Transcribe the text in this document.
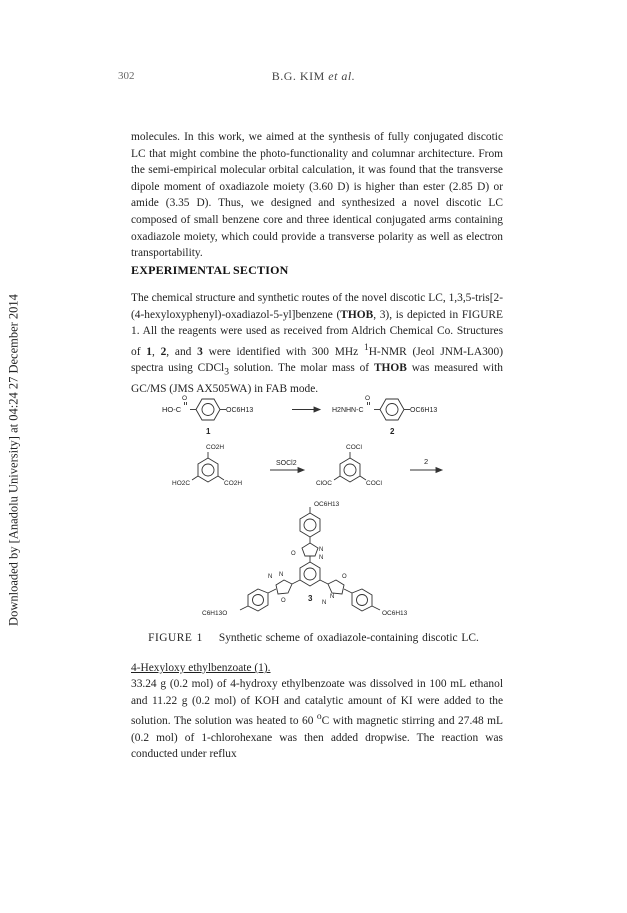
Downloaded by [Anadolu University] at 04:24 27 December 2014
302	B.G. KIM et al.

molecules. In this work, we aimed at the synthesis of fully conjugated discotic LC that might combine the photo-functionality and columnar architecture. From the semi-empirical molecular orbital calculation, it was found that the transverse dipole moment of oxadiazole moiety (3.60 D) is higher than ester (2.85 D) or amide (3.35 D). Thus, we designed and synthesized a novel discotic LC composed of small benzene core and three identical conjugated arms containing oxadiazole moiety, which could provide a transverse polarity as well as electron transportability.

EXPERIMENTAL SECTION

The chemical structure and synthetic routes of the novel discotic LC, 1,3,5-tris[2-(4-hexyloxyphenyl)-oxadiazol-5-yl]benzene (THOB, 3), is depicted in FIGURE 1. All the reagents were used as received from Aldrich Chemical Co. Structures of 1, 2, and 3 were identified with 300 MHz $^1$H-NMR (Jeol JNM-LA300) spectra using CDCl$_3$ solution. The molar mass of THOB was measured with GC/MS (JMS AX505WA) in FAB mode.

HO-C
O
OC6H13
1
H2NHN-C
O
OC6H13
2
CO2H
HO2C	CO2H
SOCl2
COCl
ClOC	COCl
2
OC6H13
N
N
O
3
N N
O
C6H13O
N
N
O
OC6H13
FIGURE 1 Synthetic scheme of oxadiazole-containing discotic LC.
4-Hexyloxy ethylbenzoate (1).

33.24 g (0.2 mol) of 4-hydroxy ethylbenzoate was dissolved in 100 mL ethanol and 11.22 g (0.2 mol) of KOH and catalytic amount of KI were added to the solution. The solution was heated to 60 $^o$C with magnetic stirring and 27.48 mL (0.2 mol) of 1-chlorohexane was then added dropwise. The reaction was conducted under reflux
